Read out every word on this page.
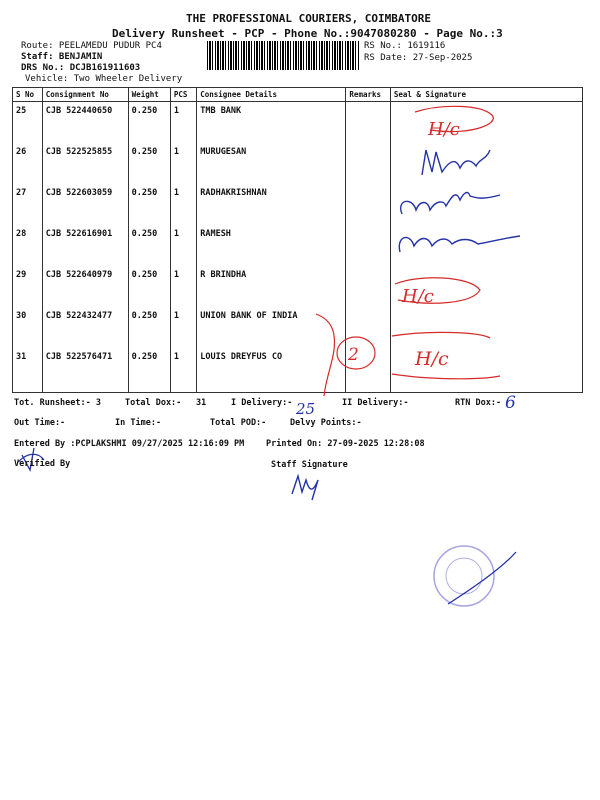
THE PROFESSIONAL COURIERS, COIMBATORE
Delivery Runsheet - PCP - Phone No.:9047080280 - Page No.:3
Route: PEELAMEDU PUDUR PC4
Staff: BENJAMIN
DRS No.: DCJB161911603
Vehicle: Two Wheeler Delivery
RS No.: 1619116
RS Date: 27-Sep-2025
S No	Consignment No	Weight	PCS	Consignee Details	Remarks	Seal & Signature
25	CJB 522440650	0.250	1	TMB BANK		
26	CJB 522525855	0.250	1	MURUGESAN		
27	CJB 522603059	0.250	1	RADHAKRISHNAN		
28	CJB 522616901	0.250	1	RAMESH		
29	CJB 522640979	0.250	1	R BRINDHA		
30	CJB 522432477	0.250	1	UNION BANK OF INDIA		
31	CJB 522576471	0.250	1	LOUIS DREYFUS CO		
H/c
H/c
2	H/c
Tot. Runsheet:- 3	Total Dox:- 31	I Delivery:- 25	II Delivery:-	RTN Dox:- 6
Out Time:-	In Time:-	Total POD:-	Delvy Points:-
Entered By :PCPLAKSHMI 09/27/2025 12:16:09 PM	Printed On: 27-09-2025 12:28:08
Verified By	Staff Signature
